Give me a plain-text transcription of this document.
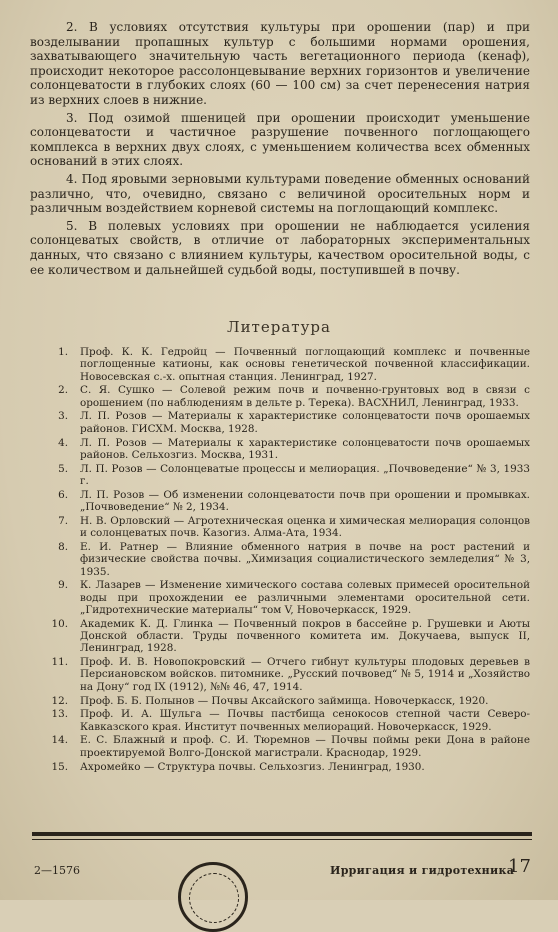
2. В условиях отсутствия культуры при орошении (пар) и при возделывании пропашных культур с большими нормами орошения, захватывающего значительную часть вегетационного периода (кенаф), происходит некоторое рассолонцевывание верхних горизонтов и увеличение солонцеватости в глубоких слоях (60 — 100 см) за счет перенесения натрия из верхних слоев в нижние.

3. Под озимой пшеницей при орошении происходит уменьшение солонцеватости и частичное разрушение почвенного поглощающего комплекса в верхних двух слоях, с уменьшением количества всех обменных оснований в этих слоях.

4. Под яровыми зерновыми культурами поведение обменных оснований различно, что, очевидно, связано с величиной оросительных норм и различным воздействием корневой системы на поглощающий комплекс.

5. В полевых условиях при орошении не наблюдается усиления солонцеватых свойств, в отличие от лабораторных экспериментальных данных, что связано с влиянием культуры, качеством оросительной воды, с ее количеством и дальнейшей судьбой воды, поступившей в почву.

Литература
1. Проф. К. К. Гедройц — Почвенный поглощающий комплекс и почвенные поглощенные катионы, как основы генетической почвенной классификации. Новосевская с.-х. опытная станция. Ленинград, 1927.
2. С. Я. Сушко — Солевой режим почв и почвенно-грунтовых вод в связи с орошением (по наблюдениям в дельте р. Терека). ВАСХНИЛ, Ленинград, 1933.
3. Л. П. Розов — Материалы к характеристике солонцеватости почв орошаемых районов. ГИСХМ. Москва, 1928.
4. Л. П. Розов — Материалы к характеристике солонцеватости почв орошаемых районов. Сельхозгиз. Москва, 1931.
5. Л. П. Розов — Солонцеватые процессы и мелиорация. „Почвоведение“ № 3, 1933 г.
6. Л. П. Розов — Об изменении солонцеватости почв при орошении и промывках. „Почвоведение“ № 2, 1934.
7. Н. В. Орловский — Агротехническая оценка и химическая мелиорация солонцов и солонцеватых почв. Казогиз. Алма-Ата, 1934.
8. Е. И. Ратнер — Влияние обменного натрия в почве на рост растений и физические свойства почвы. „Химизация социалистического земледелия“ № 3, 1935.
9. К. Лазарев — Изменение химического состава солевых примесей оросительной воды при прохождении ее различными элементами оросительной сети. „Гидротехнические материалы“ том V, Новочеркасск, 1929.
10. Академик К. Д. Глинка — Почвенный покров в бассейне р. Грушевки и Аюты Донской области. Труды почвенного комитета им. Докучаева, выпуск II, Ленинград, 1928.
11. Проф. И. В. Новопокровский — Отчего гибнут культуры плодовых деревьев в Персиановском войсков. питомнике. „Русский почвовед“ № 5, 1914 и „Хозяйство на Дону“ год IX (1912), №№ 46, 47, 1914.
12. Проф. Б. Б. Полынов — Почвы Аксайского займища. Новочеркасск, 1920.
13. Проф. И. А. Шульга — Почвы пастбища сенокосов степной части Северо-Кавказского края. Институт почвенных мелиораций. Новочеркасск, 1929.
14. Е. С. Блажный и проф. С. И. Тюремнов — Почвы поймы реки Дона в районе проектируемой Волго-Донской магистрали. Краснодар, 1929.
15. Ахромейко — Структура почвы. Сельхозгиз. Ленинград, 1930.
2—1576	Ирригация и гидротехника
17
